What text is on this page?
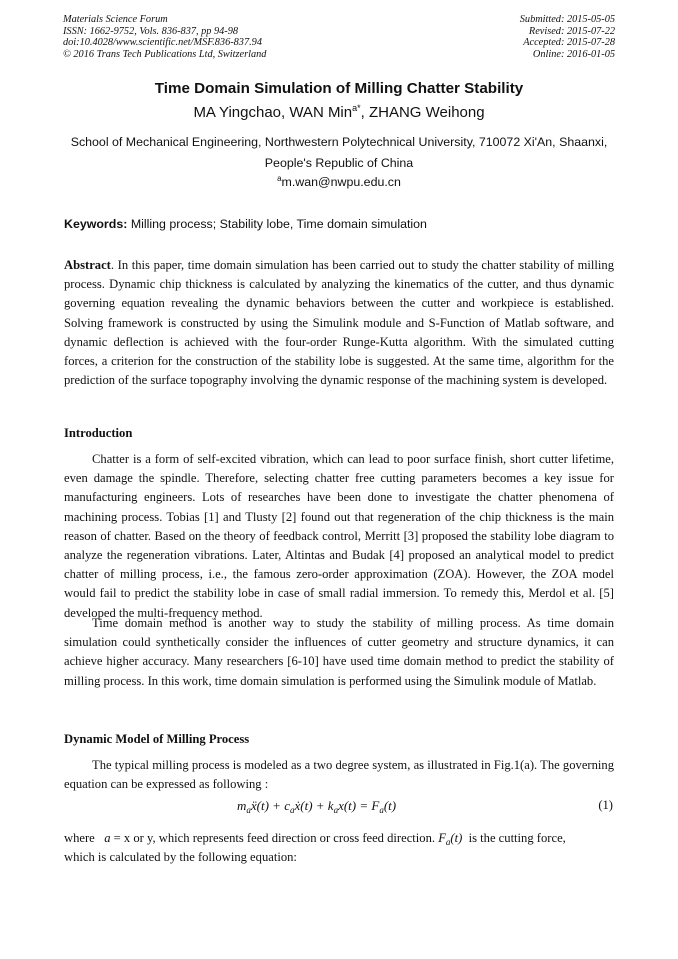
Materials Science Forum
ISSN: 1662-9752, Vols. 836-837, pp 94-98
doi:10.4028/www.scientific.net/MSF.836-837.94
© 2016 Trans Tech Publications Ltd, Switzerland
Submitted: 2015-05-05
Revised: 2015-07-22
Accepted: 2015-07-28
Online: 2016-01-05
Time Domain Simulation of Milling Chatter Stability
MA Yingchao, WAN Min$^{a*}$, ZHANG Weihong
School of Mechanical Engineering, Northwestern Polytechnical University, 710072 Xi'An, Shaanxi, People's Republic of China
$^a$m.wan@nwpu.edu.cn
Keywords: Milling process; Stability lobe, Time domain simulation

Abstract. In this paper, time domain simulation has been carried out to study the chatter stability of milling process. Dynamic chip thickness is calculated by analyzing the kinematics of the cutter, and thus dynamic governing equation revealing the dynamic behaviors between the cutter and workpiece is established. Solving framework is constructed by using the Simulink module and S-Function of Matlab software, and dynamic deflection is achieved with the four-order Runge-Kutta algorithm. With the simulated cutting forces, a criterion for the construction of the stability lobe is suggested. At the same time, algorithm for the prediction of the surface topography involving the dynamic response of the machining system is developed.

Introduction

Chatter is a form of self-excited vibration, which can lead to poor surface finish, short cutter lifetime, even damage the spindle. Therefore, selecting chatter free cutting parameters becomes a key issue for manufacturing engineers. Lots of researches have been done to investigate the chatter phenomena of machining process. Tobias [1] and Tlusty [2] found out that regeneration of the chip thickness is the main reason of chatter. Based on the theory of feedback control, Merritt [3] proposed the stability lobe diagram to analyze the regeneration vibrations. Later, Altintas and Budak [4] proposed an analytical model to predict chatter of milling process, i.e., the famous zero-order approximation (ZOA). However, the ZOA model would fail to predict the stability lobe in case of small radial immersion. To remedy this, Merdol et al. [5] developed the multi-frequency method.

Time domain method is another way to study the stability of milling process. As time domain simulation could synthetically consider the influences of cutter geometry and structure dynamics, it can achieve higher accuracy. Many researchers [6-10] have used time domain method to predict the stability of milling process. In this work, time domain simulation is performed using the Simulink module of Matlab.

Dynamic Model of Milling Process

The typical milling process is modeled as a two degree system, as illustrated in Fig.1(a). The governing equation can be expressed as following :

$m_aẍ(t)$ + $c_aẋ(t) + k_ax(t) = F_a(t)$	(1)

where a = x or y, which represents feed direction or cross feed direction. $F_a(t)$ is the cutting force,
which is calculated by the following equation:
